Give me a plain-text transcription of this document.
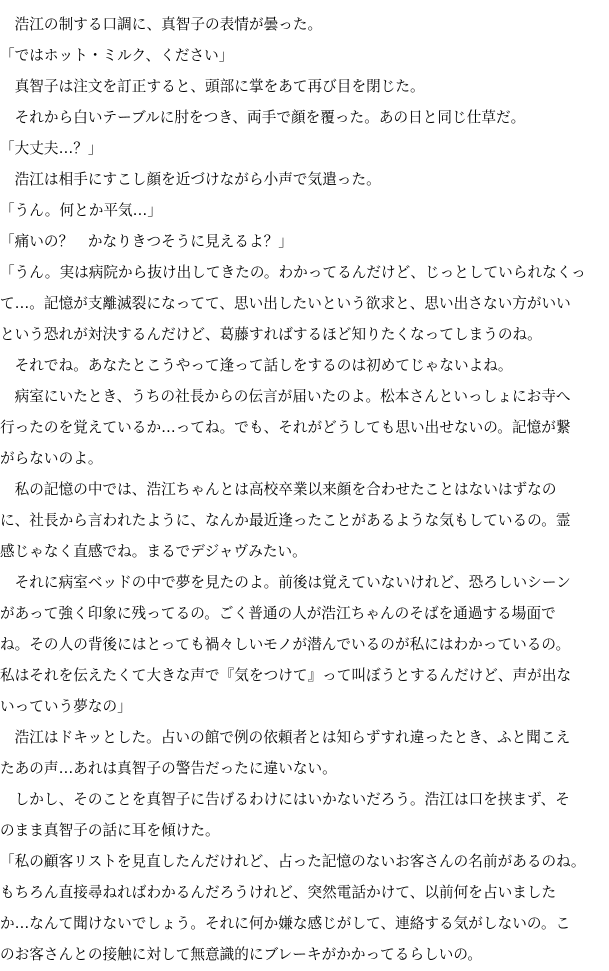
　浩江の制する口調に、真智子の表情が曇った。
「ではホット・ミルク、ください」
　真智子は注文を訂正すると、頭部に掌をあて再び目を閉じた。
　それから白いテーブルに肘をつき、両手で顔を覆った。あの日と同じ仕草だ。
「大丈夫…？」
　浩江は相手にすこし顔を近づけながら小声で気遣った。
「うん。何とか平気…」
「痛いの？　かなりきつそうに見えるよ？」
「うん。実は病院から抜け出してきたの。わかってるんだけど、じっとしていられなくっ
て…。記憶が支離滅裂になってて、思い出したいという欲求と、思い出さない方がいい
という恐れが対決するんだけど、葛藤すればするほど知りたくなってしまうのね。
　それでね。あなたとこうやって逢って話しをするのは初めてじゃないよね。
　病室にいたとき、うちの社長からの伝言が届いたのよ。松本さんといっしょにお寺へ
行ったのを覚えているか…ってね。でも、それがどうしても思い出せないの。記憶が繋
がらないのよ。
　私の記憶の中では、浩江ちゃんとは高校卒業以来顔を合わせたことはないはずなの
に、社長から言われたように、なんか最近逢ったことがあるような気もしているの。霊
感じゃなく直感でね。まるでデジャヴみたい。
　それに病室ベッドの中で夢を見たのよ。前後は覚えていないけれど、恐ろしいシーン
があって強く印象に残ってるの。ごく普通の人が浩江ちゃんのそばを通過する場面で
ね。その人の背後にはとっても禍々しいモノが潜んでいるのが私にはわかっているの。
私はそれを伝えたくて大きな声で『気をつけて』って叫ぼうとするんだけど、声が出な
いっていう夢なの」
　浩江はドキッとした。占いの館で例の依頼者とは知らずすれ違ったとき、ふと聞こえ
たあの声…あれは真智子の警告だったに違いない。
　しかし、そのことを真智子に告げるわけにはいかないだろう。浩江は口を挟まず、そ
のまま真智子の話に耳を傾けた。
「私の顧客リストを見直したんだけれど、占った記憶のないお客さんの名前があるのね。
もちろん直接尋ねればわかるんだろうけれど、突然電話かけて、以前何を占いました
か…なんて聞けないでしょう。それに何か嫌な感じがして、連絡する気がしないの。こ
のお客さんとの接触に対して無意識的にブレーキがかかってるらしいの。
